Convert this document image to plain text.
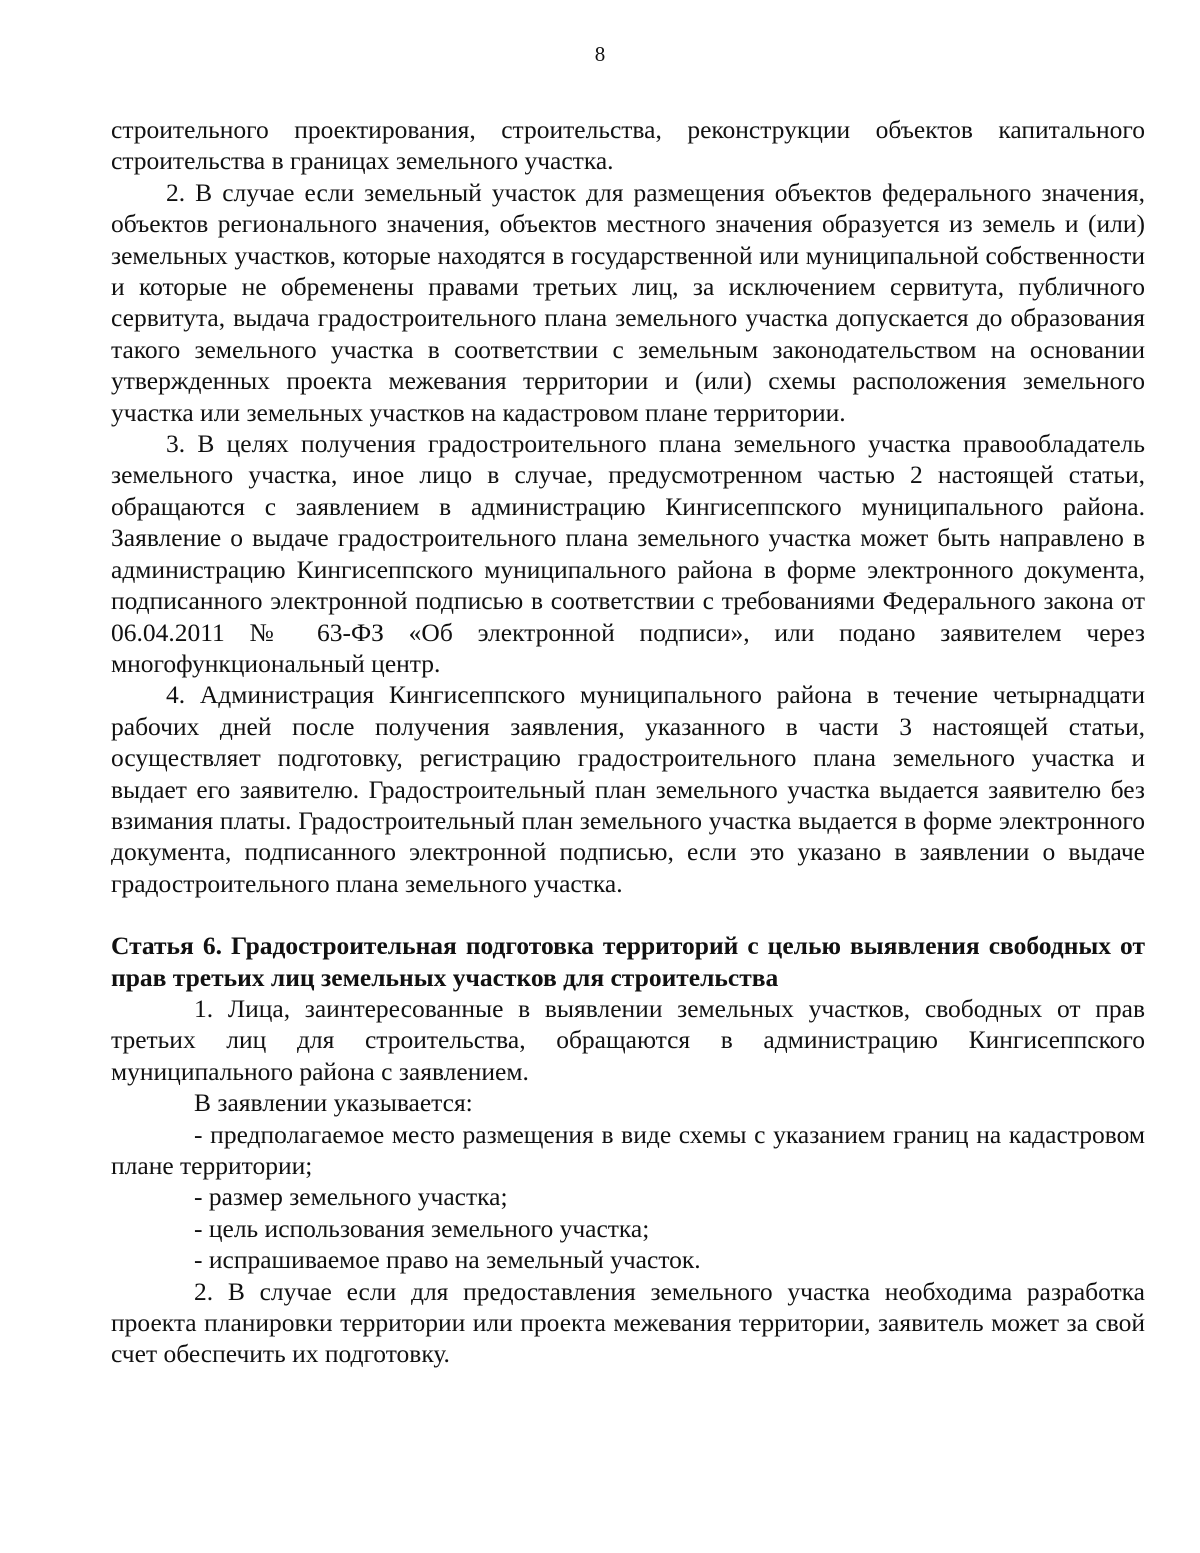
8

строительного проектирования, строительства, реконструкции объектов капитального строительства в границах земельного участка.

2. В случае если земельный участок для размещения объектов федерального значения, объектов регионального значения, объектов местного значения образуется из земель и (или) земельных участков, которые находятся в государственной или муниципальной собственности и которые не обременены правами третьих лиц, за исключением сервитута, публичного сервитута, выдача градостроительного плана земельного участка допускается до образования такого земельного участка в соответствии с земельным законодательством на основании утвержденных проекта межевания территории и (или) схемы расположения земельного участка или земельных участков на кадастровом плане территории.

3. В целях получения градостроительного плана земельного участка правообладатель земельного участка, иное лицо в случае, предусмотренном частью 2 настоящей статьи, обращаются с заявлением в администрацию Кингисеппского муниципального района. Заявление о выдаче градостроительного плана земельного участка может быть направлено в администрацию Кингисеппского муниципального района в форме электронного документа, подписанного электронной подписью в соответствии с требованиями Федерального закона от 06.04.2011 № 63-ФЗ «Об электронной подписи», или подано заявителем через многофункциональный центр.

4. Администрация Кингисеппского муниципального района в течение четырнадцати рабочих дней после получения заявления, указанного в части 3 настоящей статьи, осуществляет подготовку, регистрацию градостроительного плана земельного участка и выдает его заявителю. Градостроительный план земельного участка выдается заявителю без взимания платы. Градостроительный план земельного участка выдается в форме электронного документа, подписанного электронной подписью, если это указано в заявлении о выдаче градостроительного плана земельного участка.

Статья 6. Градостроительная подготовка территорий с целью выявления свободных от прав третьих лиц земельных участков для строительства

1. Лица, заинтересованные в выявлении земельных участков, свободных от прав третьих лиц для строительства, обращаются в администрацию Кингисеппского муниципального района с заявлением.

В заявлении указывается:

- предполагаемое место размещения в виде схемы с указанием границ на кадастровом плане территории;

- размер земельного участка;

- цель использования земельного участка;

- испрашиваемое право на земельный участок.

2. В случае если для предоставления земельного участка необходима разработка проекта планировки территории или проекта межевания территории, заявитель может за свой счет обеспечить их подготовку.
